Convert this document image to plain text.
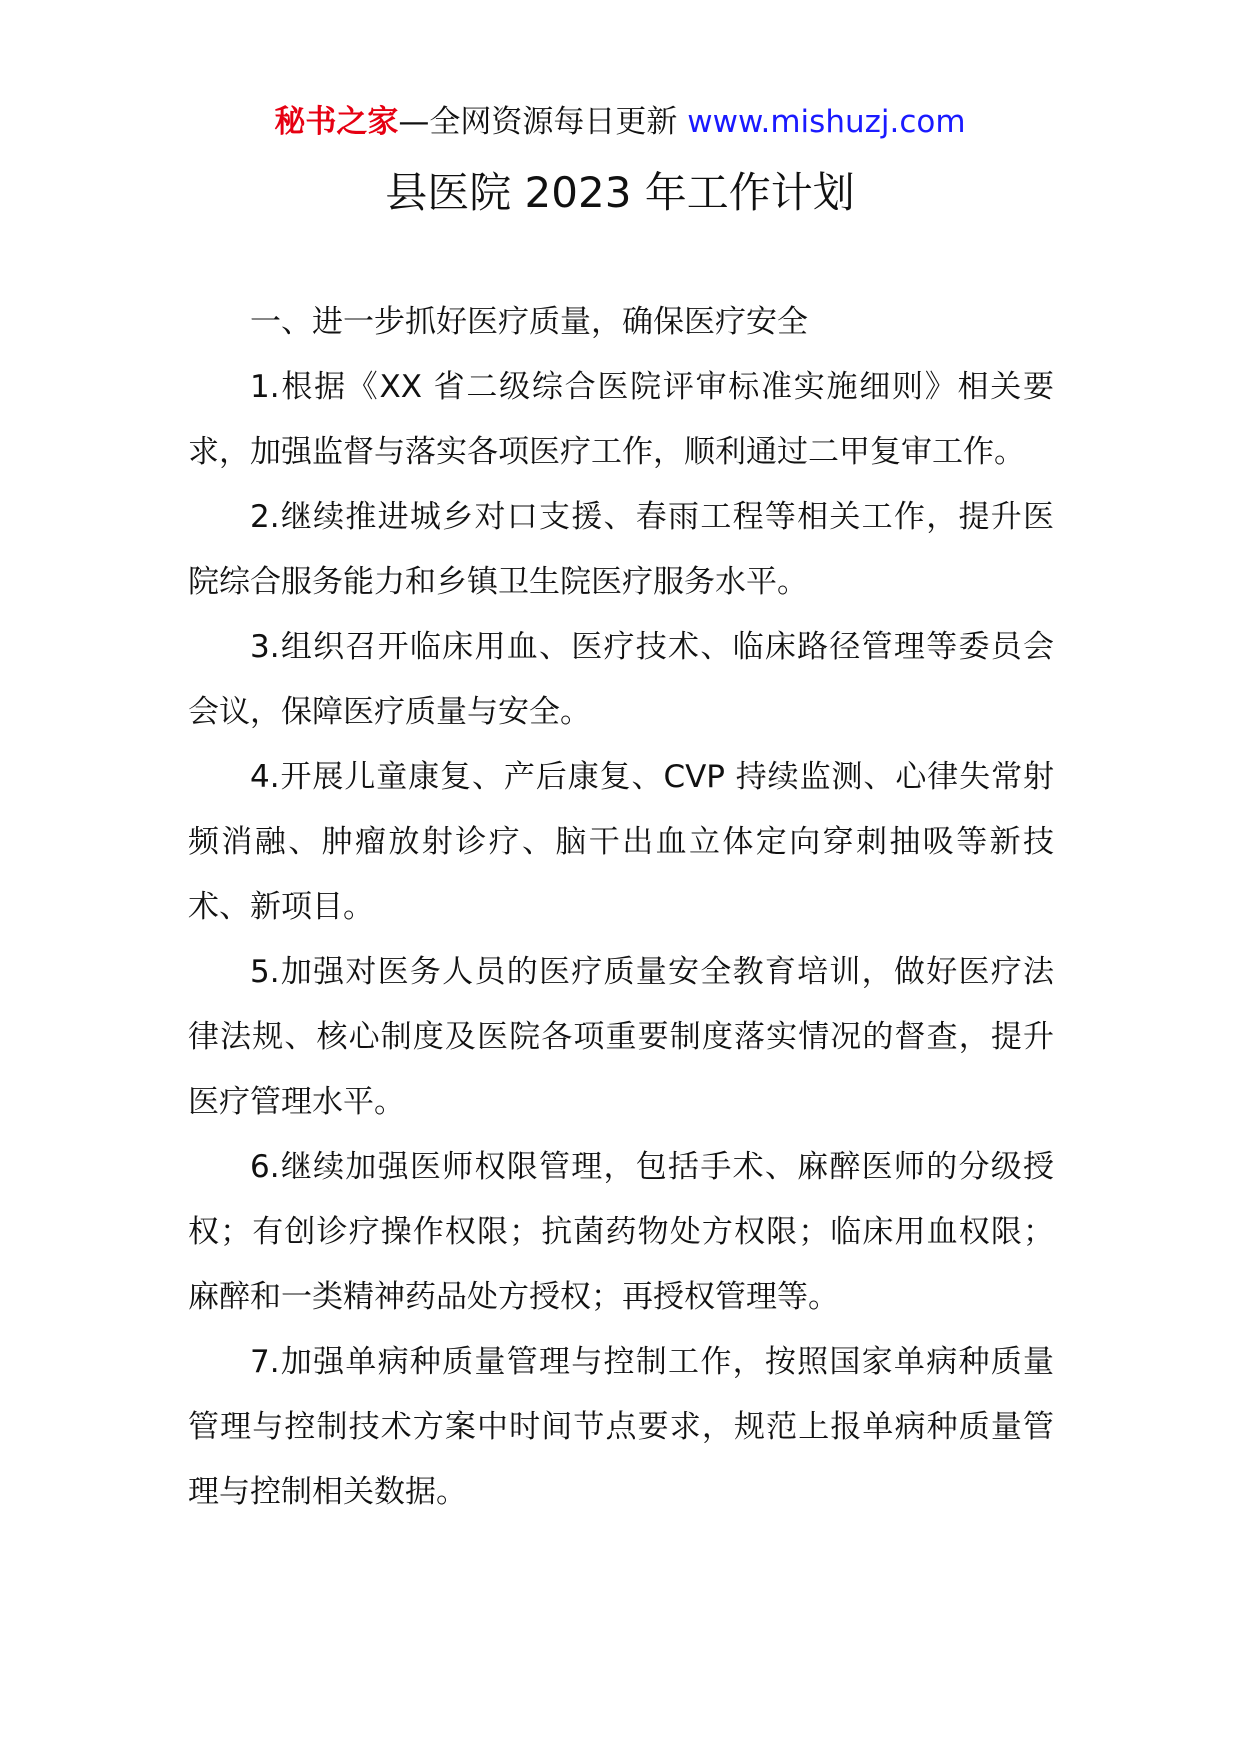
秘书之家—全网资源每日更新 www.mishuzj.com
县医院 2023 年工作计划

一、进一步抓好医疗质量，确保医疗安全

1.根据《XX 省二级综合医院评审标准实施细则》相关要求，加强监督与落实各项医疗工作，顺利通过二甲复审工作。

2.继续推进城乡对口支援、春雨工程等相关工作，提升医院综合服务能力和乡镇卫生院医疗服务水平。

3.组织召开临床用血、医疗技术、临床路径管理等委员会会议，保障医疗质量与安全。

4.开展儿童康复、产后康复、CVP 持续监测、心律失常射频消融、肿瘤放射诊疗、脑干出血立体定向穿刺抽吸等新技术、新项目。

5.加强对医务人员的医疗质量安全教育培训，做好医疗法律法规、核心制度及医院各项重要制度落实情况的督查，提升医疗管理水平。

6.继续加强医师权限管理，包括手术、麻醉医师的分级授权；有创诊疗操作权限；抗菌药物处方权限；临床用血权限；麻醉和一类精神药品处方授权；再授权管理等。

7.加强单病种质量管理与控制工作，按照国家单病种质量管理与控制技术方案中时间节点要求，规范上报单病种质量管理与控制相关数据。
